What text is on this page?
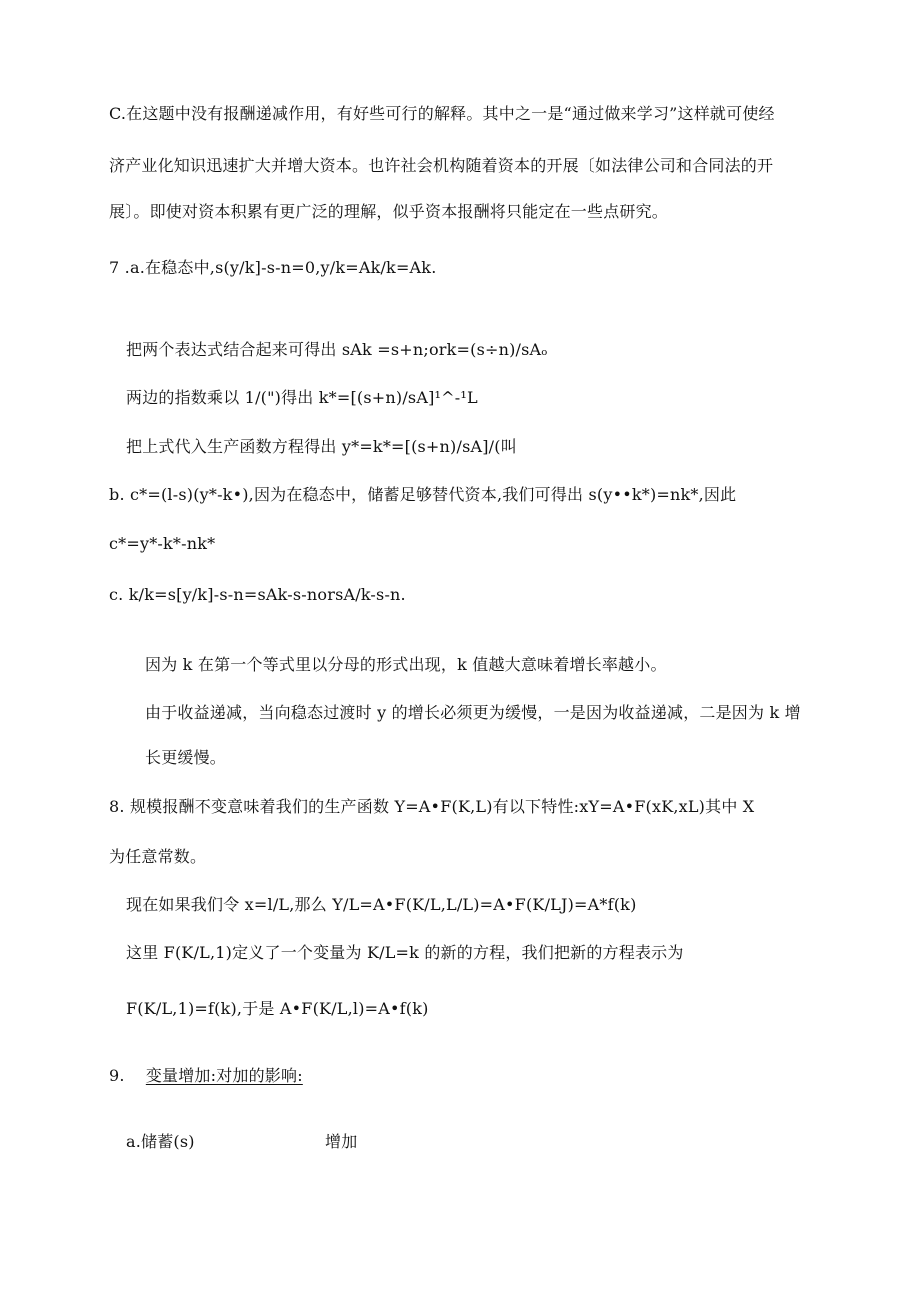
C.在这题中没有报酬递减作用，有好些可行的解释。其中之一是“通过做来学习”这样就可使经
济产业化知识迅速扩大并增大资本。也许社会机构随着资本的开展〔如法律公司和合同法的开
展〕。即使对资本积累有更广泛的理解，似乎资本报酬将只能定在一些点研究。
7 .a.在稳态中,s(y/k]-s-n=0,y/k=Ak/k=Ak.
把两个表达式结合起来可得出 sAk =s+n;ork=(s÷n)/sAₒ
两边的指数乘以 1/(")得出 k*=[(s+n)/sA]¹^-¹L
把上式代入生产函数方程得出 y*=k*=[(s+n)/sA]/(叫
b. c*=(l-s)(y*-k•),因为在稳态中，储蓄足够替代资本,我们可得出 s(y••k*)=nk*,因此
c*=y*-k*-nk*
c. k/k=s[y/k]-s-n=sAk-s-norsA/k-s-n.
因为 k 在第一个等式里以分母的形式出现，k 值越大意味着增长率越小。
由于收益递减，当向稳态过渡时 y 的增长必须更为缓慢，一是因为收益递减，二是因为 k 增
长更缓慢。
8. 规模报酬不变意味着我们的生产函数 Y=A•F(K,L)有以下特性:xY=A•F(xK,xL)其中 X
为任意常数。
现在如果我们令 x=l/L,那么 Y/L=A•F(K/L,L/L)=A•F(K/LJ)=A*f(k)
这里 F(K/L,1)定义了一个变量为 K/L=k 的新的方程，我们把新的方程表示为
F(K/L,1)=f(k),于是 A•F(K/L,l)=A•f(k)
9. 变量增加:对加的影响:
a.储蓄(s)	增加
